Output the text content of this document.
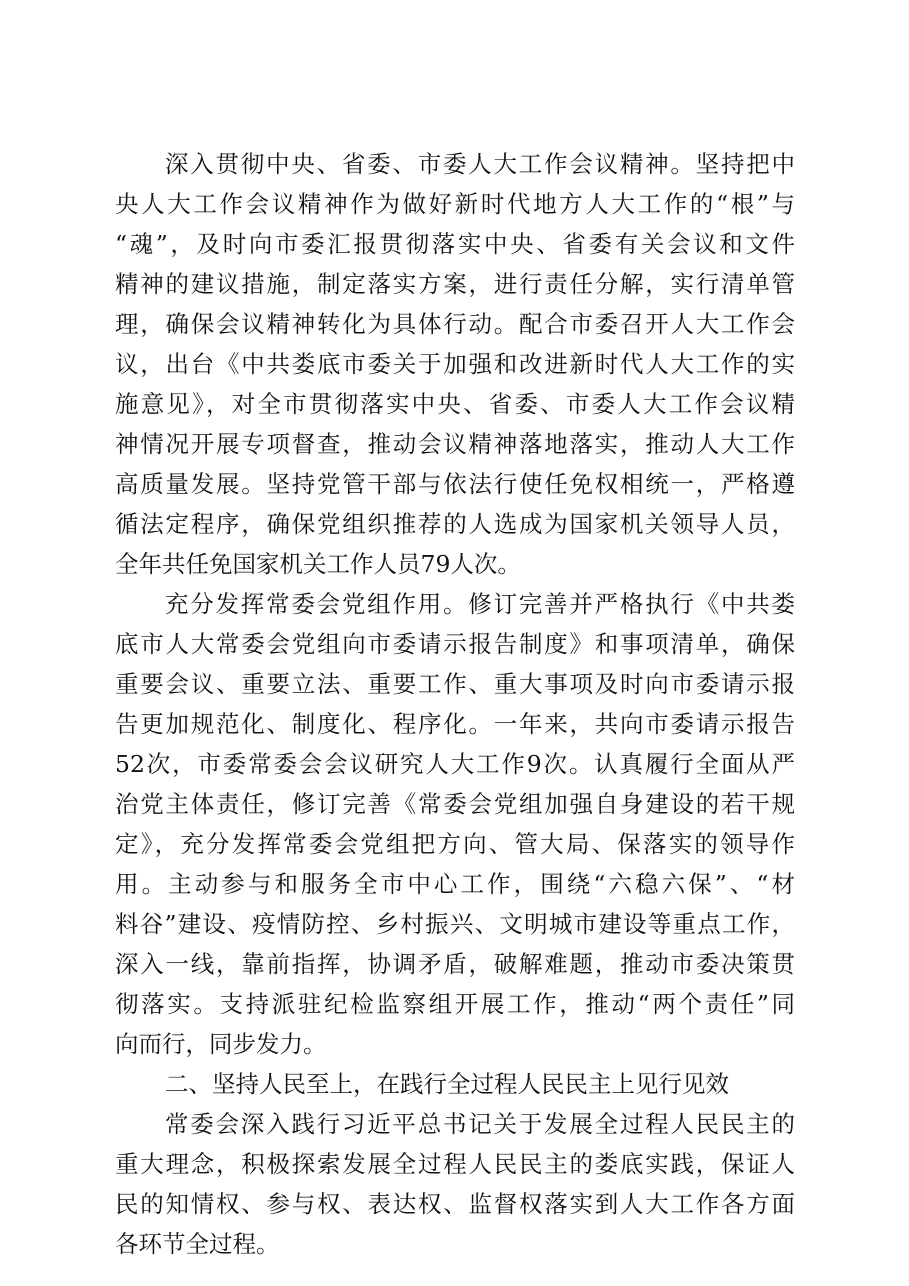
深入贯彻中央、省委、市委人大工作会议精神。坚持把中
央人大工作会议精神作为做好新时代地方人大工作的“根”与
“魂”，及时向市委汇报贯彻落实中央、省委有关会议和文件
精神的建议措施，制定落实方案，进行责任分解，实行清单管
理，确保会议精神转化为具体行动。配合市委召开人大工作会
议，出台《中共娄底市委关于加强和改进新时代人大工作的实
施意见》，对全市贯彻落实中央、省委、市委人大工作会议精
神情况开展专项督查，推动会议精神落地落实，推动人大工作
高质量发展。坚持党管干部与依法行使任免权相统一，严格遵
循法定程序，确保党组织推荐的人选成为国家机关领导人员，
全年共任免国家机关工作人员79人次。
充分发挥常委会党组作用。修订完善并严格执行《中共娄
底市人大常委会党组向市委请示报告制度》和事项清单，确保
重要会议、重要立法、重要工作、重大事项及时向市委请示报
告更加规范化、制度化、程序化。一年来，共向市委请示报告
52次，市委常委会会议研究人大工作9次。认真履行全面从严
治党主体责任，修订完善《常委会党组加强自身建设的若干规
定》，充分发挥常委会党组把方向、管大局、保落实的领导作
用。主动参与和服务全市中心工作，围绕“六稳六保”、“材
料谷”建设、疫情防控、乡村振兴、文明城市建设等重点工作，
深入一线，靠前指挥，协调矛盾，破解难题，推动市委决策贯
彻落实。支持派驻纪检监察组开展工作，推动“两个责任”同
向而行，同步发力。
二、坚持人民至上，在践行全过程人民民主上见行见效
常委会深入践行习近平总书记关于发展全过程人民民主的
重大理念，积极探索发展全过程人民民主的娄底实践，保证人
民的知情权、参与权、表达权、监督权落实到人大工作各方面
各环节全过程。
